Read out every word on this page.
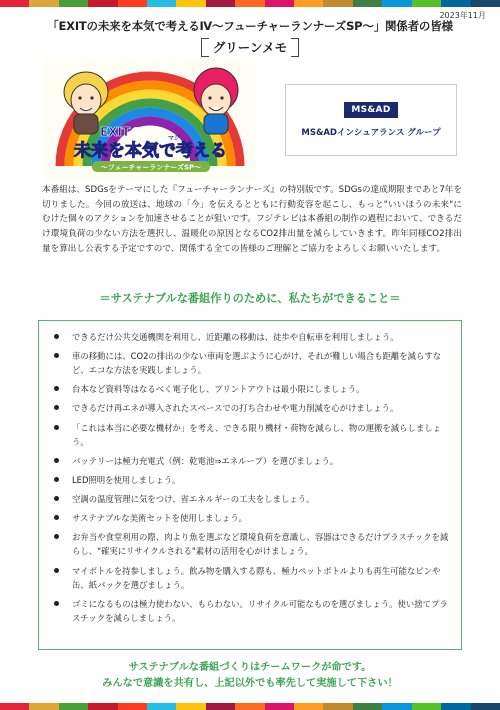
2023年11月
「EXITの未来を本気で考えるⅣ～フューチャーランナーズSP～」関係者の皆様
グリーンメモ
EXITの	マジ
未来を本気で考える
～フューチャーランナーズSP～
MS&AD
MS&ADインシュアランス グループ

本番組は、SDGsをテーマにした『フューチャーランナーズ』の特別版です。SDGsの達成期限まであと7年を切りました。今回の放送は、地球の「今」を伝えるとともに行動変容を起こし、もっと"いいほうの未来"にむけた個々のアクションを加速させることが狙いです。フジテレビは本番組の制作の過程において、できるだけ環境負荷の少ない方法を選択し、温暖化の原因となるCO2排出量を減らしていきます。昨年同様CO2排出量を算出し公表する予定ですので、関係する全ての皆様のご理解とご協力をよろしくお願いいたします。

＝サステナブルな番組作りのために、私たちができること＝
できるだけ公共交通機関を利用し、近距離の移動は、徒歩や自転車を利用しましょう。
車の移動には、CO2の排出の少ない車両を選ぶように心がけ、それが難しい場合も距離を減らすなど、エコな方法を実践しましょう。
台本など資料等はなるべく電子化し、プリントアウトは最小限にしましょう。
できるだけ再エネが導入されたスペースでの打ち合わせや電力削減を心がけましょう。
「これは本当に必要な機材か」を考え、できる限り機材・荷物を減らし、物の運搬を減らしましょう。
バッテリーは極力充電式（例：乾電池⇒エネループ）を選びましょう。
LED照明を使用しましょう。
空調の温度管理に気をつけ、省エネルギーの工夫をしましょう。
サステナブルな美術セットを使用しましょう。
お弁当や食堂利用の際、肉より魚を選ぶなど環境負荷を意識し、容器はできるだけプラスチックを減らし、"確実にリサイクルされる"素材の活用を心がけましょう。
マイボトルを持参しましょう。飲み物を購入する際も、極力ペットボトルよりも再生可能なビンや缶、紙パックを選びましょう。
ゴミになるものは極力使わない、もらわない。リサイクル可能なものを選びましょう。使い捨てプラスチックを減らしましょう。
サステナブルな番組づくりはチームワークが命です。
みんなで意識を共有し、上記以外でも率先して実施して下さい！
